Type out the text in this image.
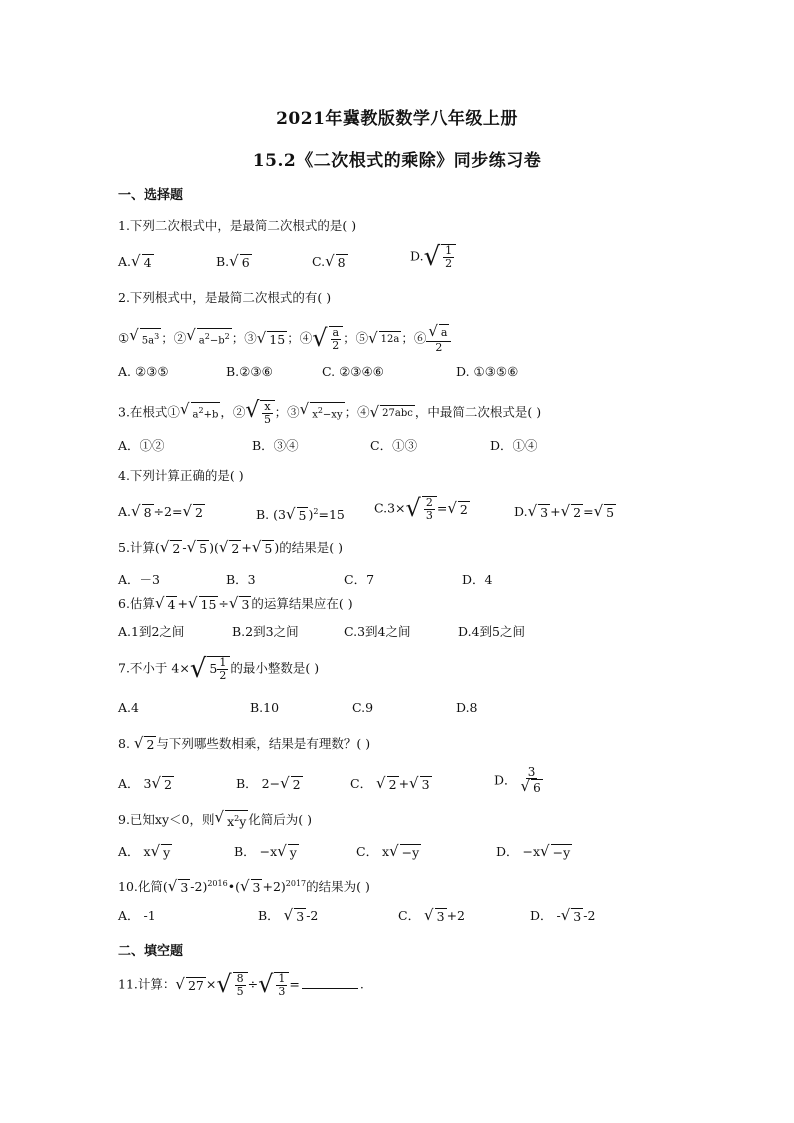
2021年冀教版数学八年级上册
15.2《二次根式的乘除》同步练习卷
一、选择题
1.下列二次根式中，是最简二次根式的是( )
A. √ 4	B. √ 6	C. √ 8	D. √ $\frac{1}{2}$
2.下列根式中，是最简二次根式的有( )
① √ $5a^3$ ；② √ $a^2-b^2$ ；③ √ 15 ；④ √ $\frac{a}{2}$ ；⑤ √ 12a ；⑥ $\frac{√ a}{2}$
A. ②③⑤	B.②③⑥	C. ②③④⑥	D. ①③⑤⑥
3.在根式① √ $a^2+b$ ，② √ $\frac{x}{5}$ ；③ √ $x^2-xy$ ；④ √ 27abc ，中最简二次根式是( )
A．①②	B．③④	C．①③	D．①④
4.下列计算正确的是( )
A. √ 8 ÷2= √ 2	B. (3 √ 5 )$^2$=15 C.3× √ $\frac{2}{3}$ = √ 2	D. √ 3 + √ 2 = √ 5
5.计算( √ 2 - √ 5 )( √ 2 + √ 5 )的结果是( )
A．－3	B．3	C．7	D．4
6.估算 √ 4 + √ 15 ÷ √ 3 的运算结果应在( )
A.1到2之间	B.2到3之间	C.3到4之间	D.4到5之间
7.不小于 4× √ $5 \frac{1}{2}$ 的最小整数是( )
A.4	B.10	C.9	D.8
8. √ 2 与下列哪些数相乘，结果是有理数？( )
A． 3 √ 2	B． 2− √ 2	C． √ 2 + √ 3	D． $\frac{3}{√ 6}$
9.已知xy＜0，则 √ $x^2y$ 化简后为( )
A． x √ y	B． −x √ y	C． x √ −y	D． −x √ −y
10.化简( √ 3 -2)$^{2016}$•( √ 3 +2)$^{2017}$的结果为( )
A． -1	B． √ 3 -2	C． √ 3 +2	D． - √ 3 -2
二、填空题
11.计算： √ 27 × √ $\frac{8}{5}$ ÷ √ $\frac{1}{3}$ =	.
